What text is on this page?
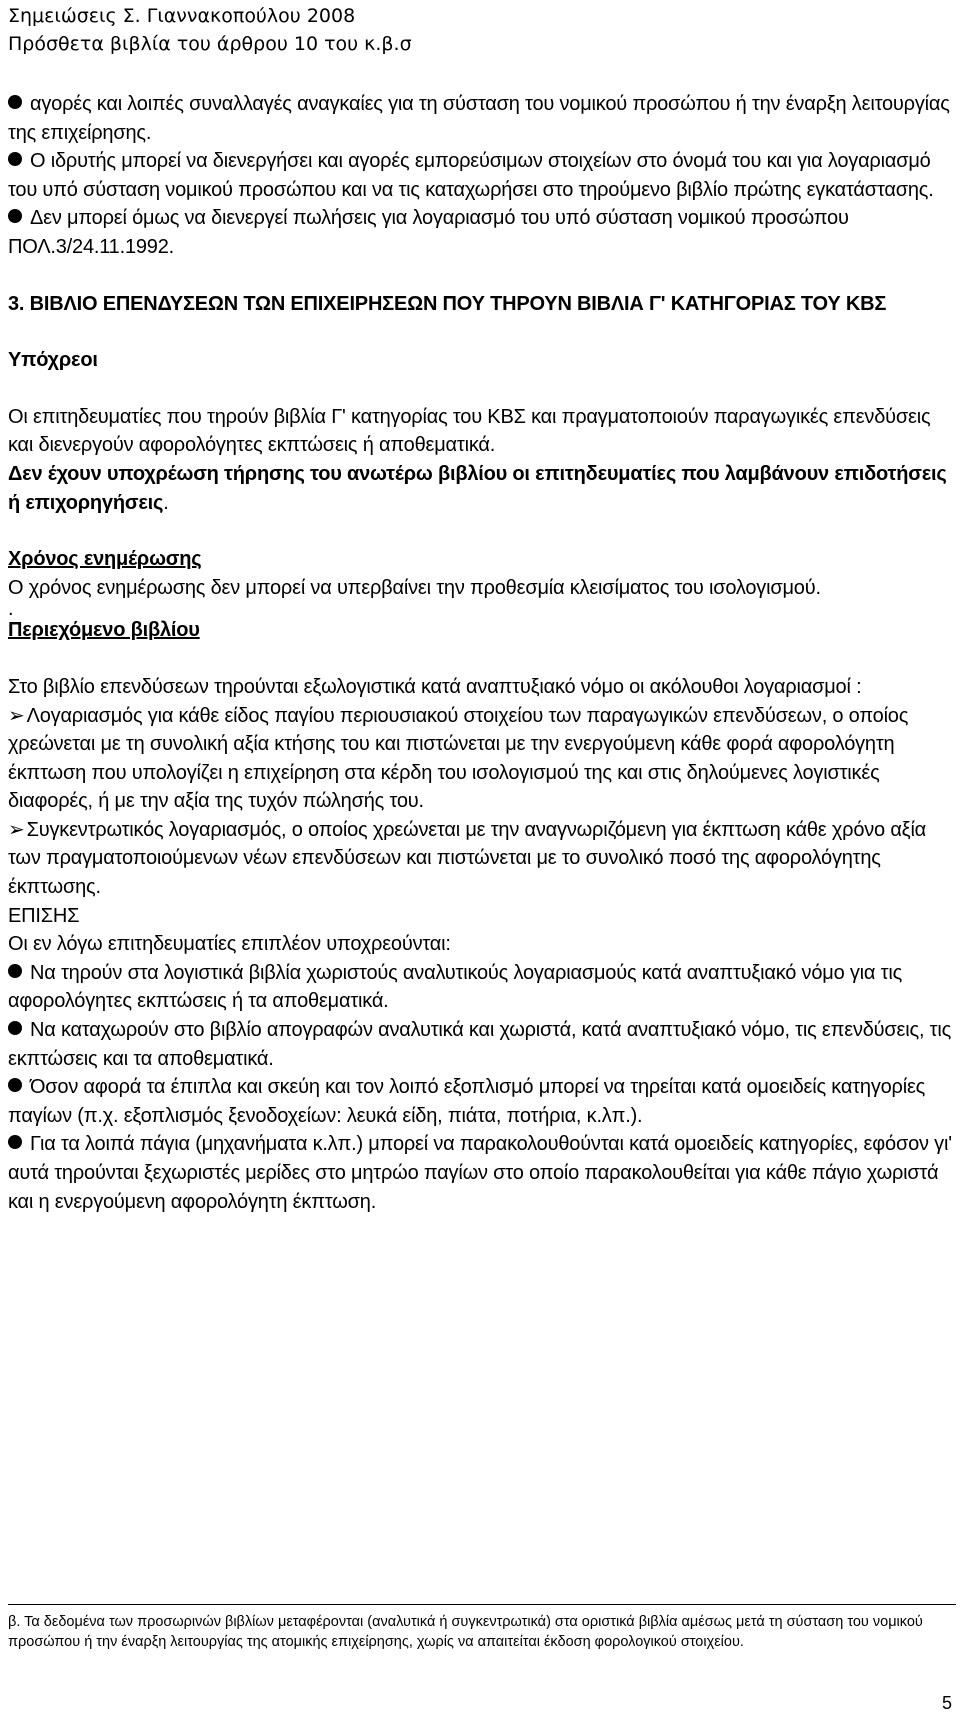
Σημειώσεις Σ. Γιαννακοπούλου 2008
Πρόσθετα βιβλία του άρθρου 10 του κ.β.σ

αγορές και λοιπές συναλλαγές αναγκαίες για τη σύσταση του νομικού προσώπου ή την έναρξη λειτουργίας της επιχείρησης.

Ο ιδρυτής μπορεί να διενεργήσει και αγορές εμπορεύσιμων στοιχείων στο όνομά του και για λογαριασμό του υπό σύσταση νομικού προσώπου και να τις καταχωρήσει στο τηρούμενο βιβλίο πρώτης εγκατάστασης.

Δεν μπορεί όμως να διενεργεί πωλήσεις για λογαριασμό του υπό σύσταση νομικού προσώπου ΠΟΛ.3/24.11.1992.

3. ΒΙΒΛΙΟ ΕΠΕΝΔΥΣΕΩΝ ΤΩΝ ΕΠΙΧΕΙΡΗΣΕΩΝ ΠΟΥ ΤΗΡΟΥΝ ΒΙΒΛΙΑ Γ' ΚΑΤΗΓΟΡΙΑΣ ΤΟΥ ΚΒΣ

Υπόχρεοι

Οι επιτηδευματίες που τηρούν βιβλία Γ' κατηγορίας του ΚΒΣ και πραγματοποιούν παραγωγικές επενδύσεις και διενεργούν αφορολόγητες εκπτώσεις ή αποθεματικά.

Δεν έχουν υποχρέωση τήρησης του ανωτέρω βιβλίου οι επιτηδευματίες που λαμβάνουν επιδοτήσεις ή επιχορηγήσεις.

Χρόνος ενημέρωσης

Ο χρόνος ενημέρωσης δεν μπορεί να υπερβαίνει την προθεσμία κλεισίματος του ισολογισμού.

.

Περιεχόμενο βιβλίου

Στο βιβλίο επενδύσεων τηρούνται εξωλογιστικά κατά αναπτυξιακό νόμο οι ακόλουθοι λογαριασμοί :

➢ Λογαριασμός για κάθε είδος παγίου περιουσιακού στοιχείου των παραγωγικών επενδύσεων, ο οποίος χρεώνεται με τη συνολική αξία κτήσης του και πιστώνεται με την ενεργούμενη κάθε φορά αφορολόγητη έκπτωση που υπολογίζει η επιχείρηση στα κέρδη του ισολογισμού της και στις δηλούμενες λογιστικές διαφορές, ή με την αξία της τυχόν πώλησής του.

➢ Συγκεντρωτικός λογαριασμός, ο οποίος χρεώνεται με την αναγνωριζόμενη για έκπτωση κάθε χρόνο αξία των πραγματοποιούμενων νέων επενδύσεων και πιστώνεται με το συνολικό ποσό της αφορολόγητης έκπτωσης.

ΕΠΙΣΗΣ

Οι εν λόγω επιτηδευματίες επιπλέον υποχρεούνται:

Να τηρούν στα λογιστικά βιβλία χωριστούς αναλυτικούς λογαριασμούς κατά αναπτυξιακό νόμο για τις αφορολόγητες εκπτώσεις ή τα αποθεματικά.

Να καταχωρούν στο βιβλίο απογραφών αναλυτικά και χωριστά, κατά αναπτυξιακό νόμο, τις επενδύσεις, τις εκπτώσεις και τα αποθεματικά.

Όσον αφορά τα έπιπλα και σκεύη και τον λοιπό εξοπλισμό μπορεί να τηρείται κατά ομοειδείς κατηγορίες παγίων (π.χ. εξοπλισμός ξενοδοχείων: λευκά είδη, πιάτα, ποτήρια, κ.λπ.).

Για τα λοιπά πάγια (μηχανήματα κ.λπ.) μπορεί να παρακολουθούνται κατά ομοειδείς κατηγορίες, εφόσον γι' αυτά τηρούνται ξεχωριστές μερίδες στο μητρώο παγίων στο οποίο παρακολουθείται για κάθε πάγιο χωριστά και η ενεργούμενη αφορολόγητη έκπτωση.

β. Τα δεδομένα των προσωρινών βιβλίων μεταφέρονται (αναλυτικά ή συγκεντρωτικά) στα οριστικά βιβλία αμέσως μετά τη σύσταση του νομικού προσώπου ή την έναρξη λειτουργίας της ατομικής επιχείρησης, χωρίς να απαιτείται έκδοση φορολογικού στοιχείου.
5
